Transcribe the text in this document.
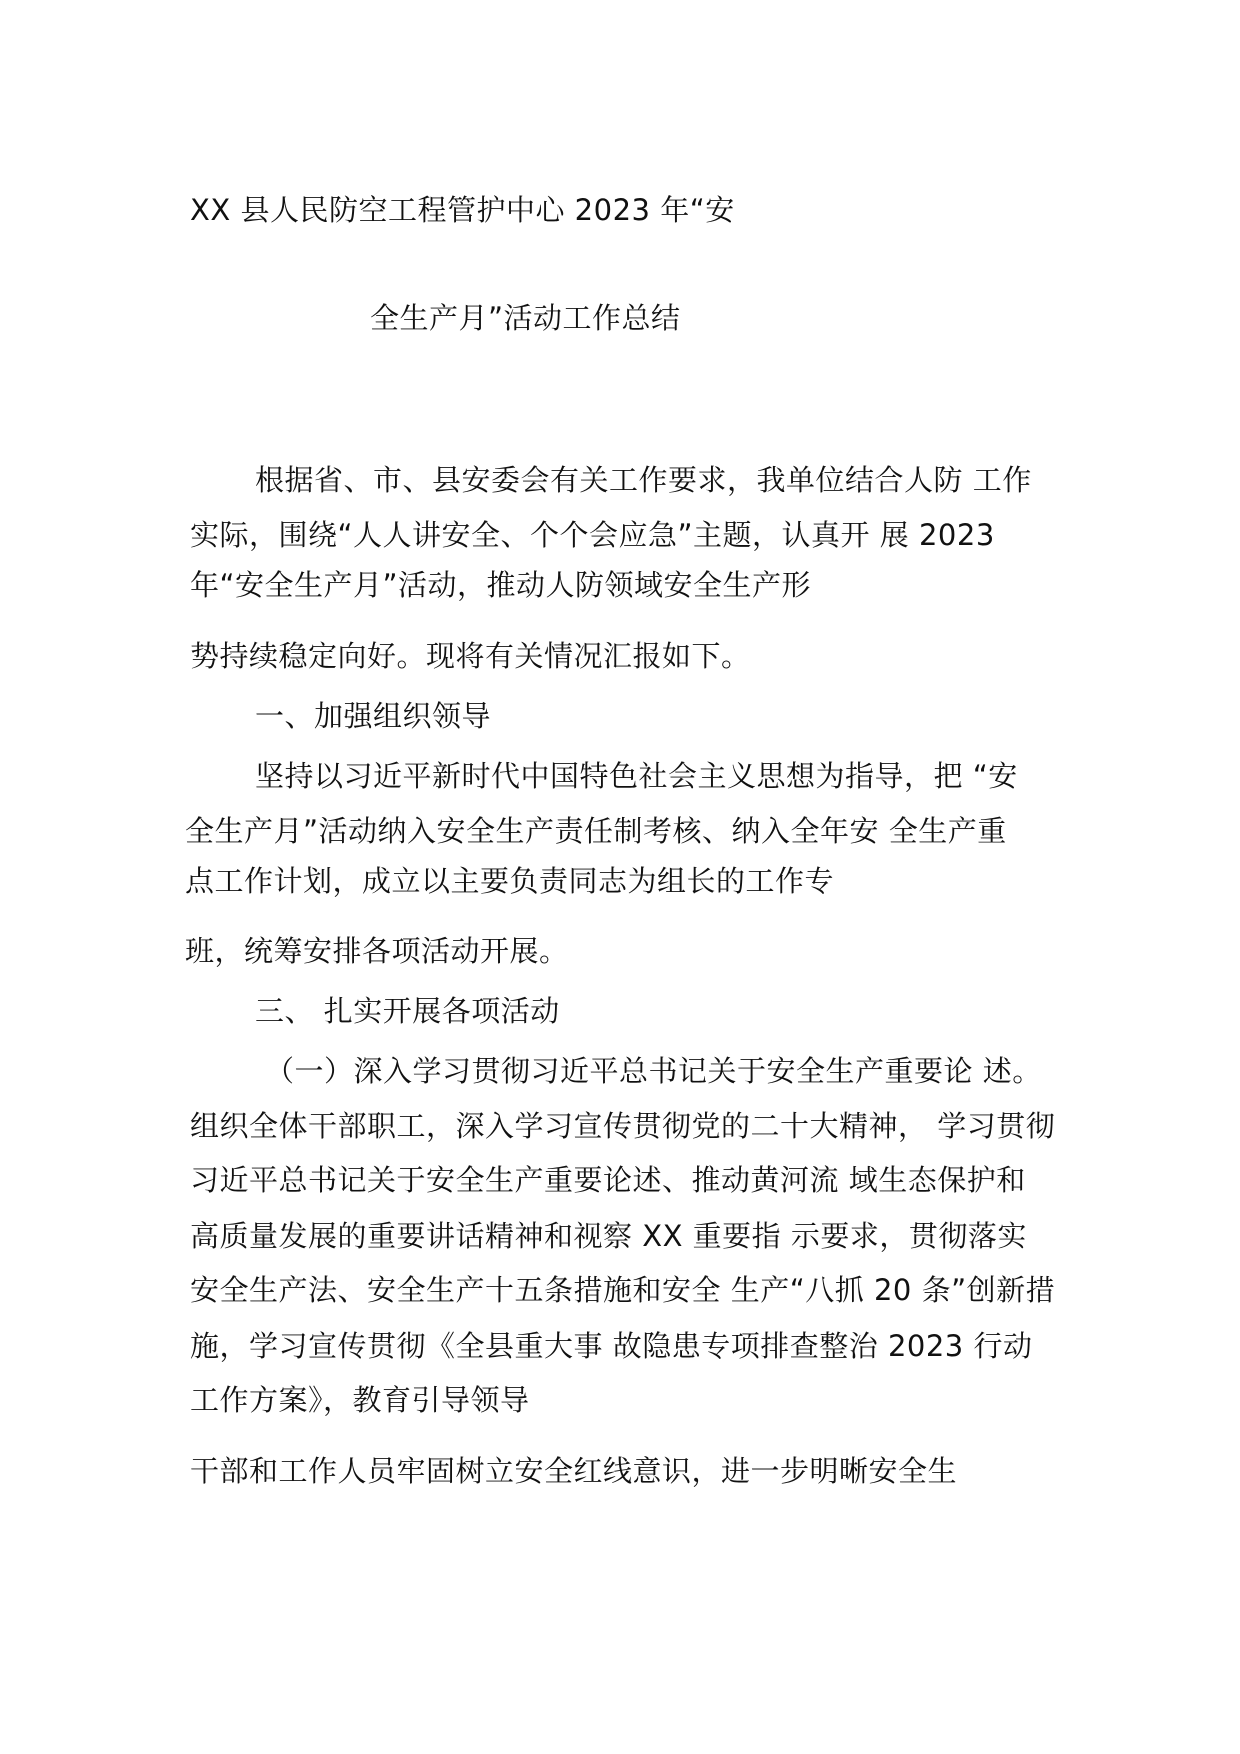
XX 县人民防空工程管护中心 2023 年“安
全生产月”活动工作总结
根据省、市、县安委会有关工作要求，我单位结合人防 工作
实际，围绕“人人讲安全、个个会应急”主题，认真开 展 2023
年“安全生产月”活动，推动人防领域安全生产形
势持续稳定向好。现将有关情况汇报如下。
一、加强组织领导
坚持以习近平新时代中国特色社会主义思想为指导，把 “安
全生产月”活动纳入安全生产责任制考核、纳入全年安 全生产重
点工作计划，成立以主要负责同志为组长的工作专
班，统筹安排各项活动开展。
三、 扎实开展各项活动
（一）深入学习贯彻习近平总书记关于安全生产重要论 述。
组织全体干部职工，深入学习宣传贯彻党的二十大精神， 学习贯彻
习近平总书记关于安全生产重要论述、推动黄河流 域生态保护和
高质量发展的重要讲话精神和视察 XX 重要指 示要求，贯彻落实
安全生产法、安全生产十五条措施和安全 生产“八抓 20 条”创新措
施，学习宣传贯彻《全县重大事 故隐患专项排查整治 2023 行动
工作方案》，教育引导领导
干部和工作人员牢固树立安全红线意识，进一步明晰安全生
